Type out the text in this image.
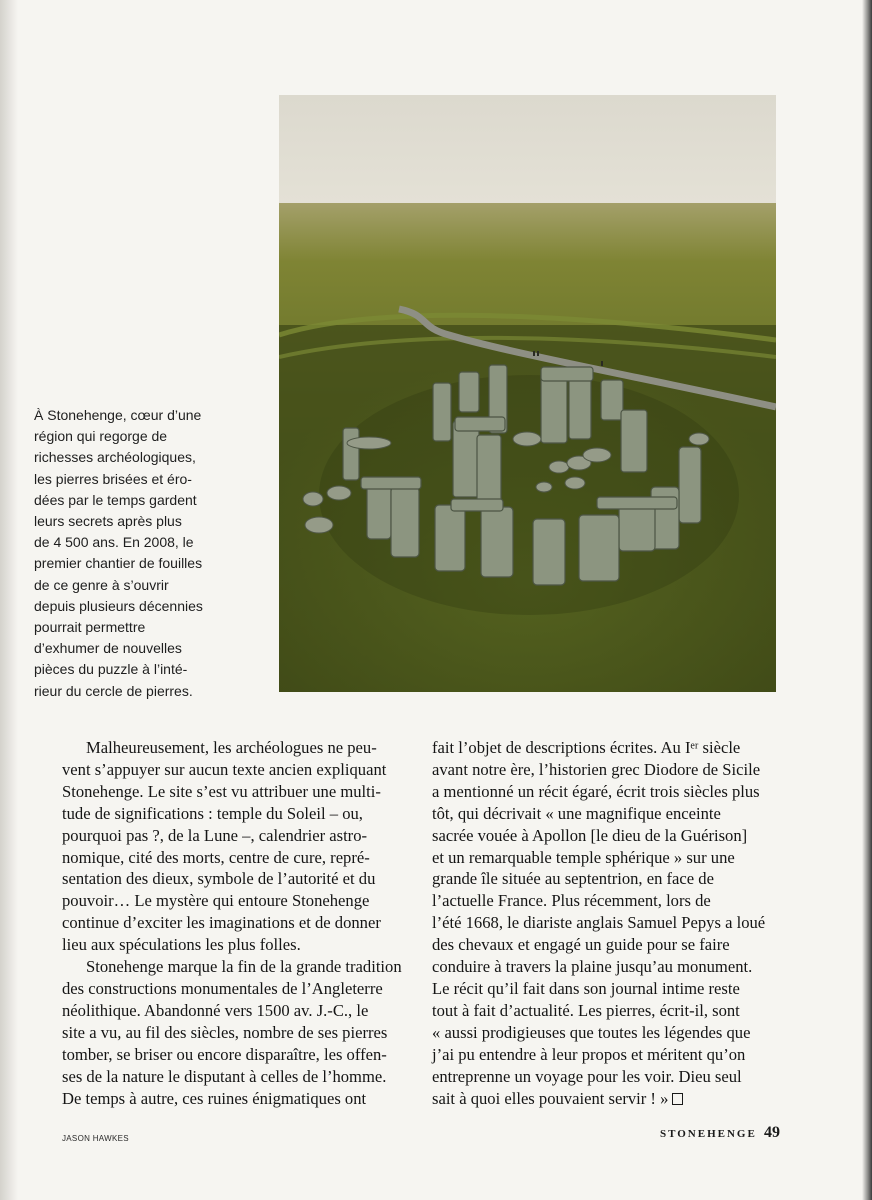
À Stonehenge, cœur d’une
région qui regorge de
richesses archéologiques,
les pierres brisées et éro-
dées par le temps gardent
leurs secrets après plus
de 4 500 ans. En 2008, le
premier chantier de fouilles
de ce genre à s’ouvrir
depuis plusieurs décennies
pourrait permettre
d’exhumer de nouvelles
pièces du puzzle à l’inté-
rieur du cercle de pierres.
Malheureusement, les archéologues ne peu-
vent s’appuyer sur aucun texte ancien expliquant
Stonehenge. Le site s’est vu attribuer une multi-
tude de significations : temple du Soleil – ou,
pourquoi pas ?, de la Lune –, calendrier astro-
nomique, cité des morts, centre de cure, repré-
sentation des dieux, symbole de l’autorité et du
pouvoir… Le mystère qui entoure Stonehenge
continue d’exciter les imaginations et de donner
lieu aux spéculations les plus folles.
Stonehenge marque la fin de la grande tradition
des constructions monumentales de l’Angleterre
néolithique. Abandonné vers 1500 av. J.-C., le
site a vu, au fil des siècles, nombre de ses pierres
tomber, se briser ou encore disparaître, les offen-
ses de la nature le disputant à celles de l’homme.
De temps à autre, ces ruines énigmatiques ont
fait l’objet de descriptions écrites. Au Iᵉʳ siècle
avant notre ère, l’historien grec Diodore de Sicile
a mentionné un récit égaré, écrit trois siècles plus
tôt, qui décrivait « une magnifique enceinte
sacrée vouée à Apollon [le dieu de la Guérison]
et un remarquable temple sphérique » sur une
grande île située au septentrion, en face de
l’actuelle France. Plus récemment, lors de
l’été 1668, le diariste anglais Samuel Pepys a loué
des chevaux et engagé un guide pour se faire
conduire à travers la plaine jusqu’au monument.
Le récit qu’il fait dans son journal intime reste
tout à fait d’actualité. Les pierres, écrit-il, sont
« aussi prodigieuses que toutes les légendes que
j’ai pu entendre à leur propos et méritent qu’on
entreprenne un voyage pour les voir. Dieu seul
sait à quoi elles pouvaient servir ! »
JASON HAWKES	STONEHENGE 49
